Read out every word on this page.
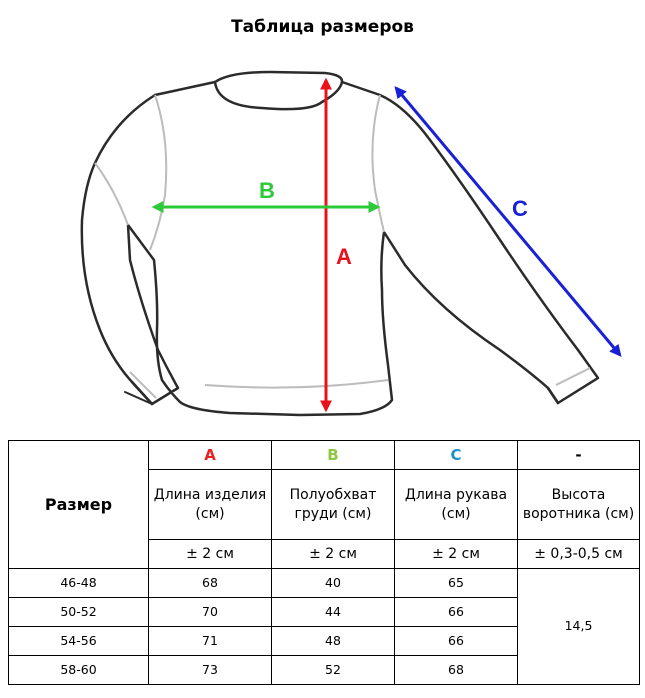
Таблица размеров
A
B
C
Размер	A	B	C	-
	Длина изделия (см)	Полуобхват груди (см)	Длина рукава (см)	Высота воротника (см)
	± 2 см	± 2 см	± 2 см	± 0,3-0,5 см
46-48	68	40	65	14,5
50-52	70	44	66	
54-56	71	48	66	
58-60	73	52	68	
